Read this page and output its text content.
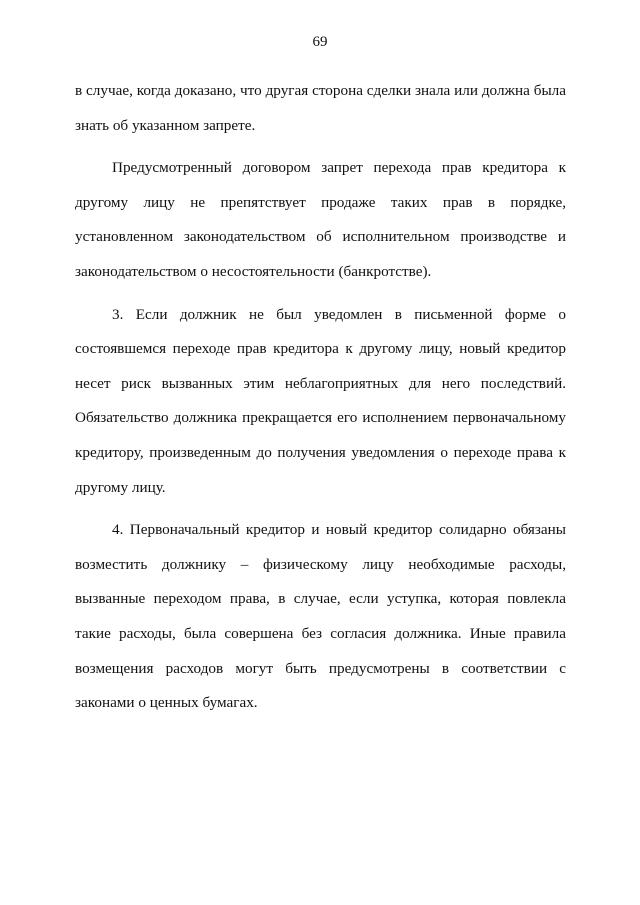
69

в случае, когда доказано, что другая сторона сделки знала или должна была знать об указанном запрете.

Предусмотренный договором запрет перехода прав кредитора к другому лицу не препятствует продаже таких прав в порядке, установленном законодательством об исполнительном производстве и законодательством о несостоятельности (банкротстве).

3. Если должник не был уведомлен в письменной форме о состоявшемся переходе прав кредитора к другому лицу, новый кредитор несет риск вызванных этим неблагоприятных для него последствий. Обязательство должника прекращается его исполнением первоначальному кредитору, произведенным до получения уведомления о переходе права к другому лицу.

4. Первоначальный кредитор и новый кредитор солидарно обязаны возместить должнику – физическому лицу необходимые расходы, вызванные переходом права, в случае, если уступка, которая повлекла такие расходы, была совершена без согласия должника. Иные правила возмещения расходов могут быть предусмотрены в соответствии с законами о ценных бумагах.
